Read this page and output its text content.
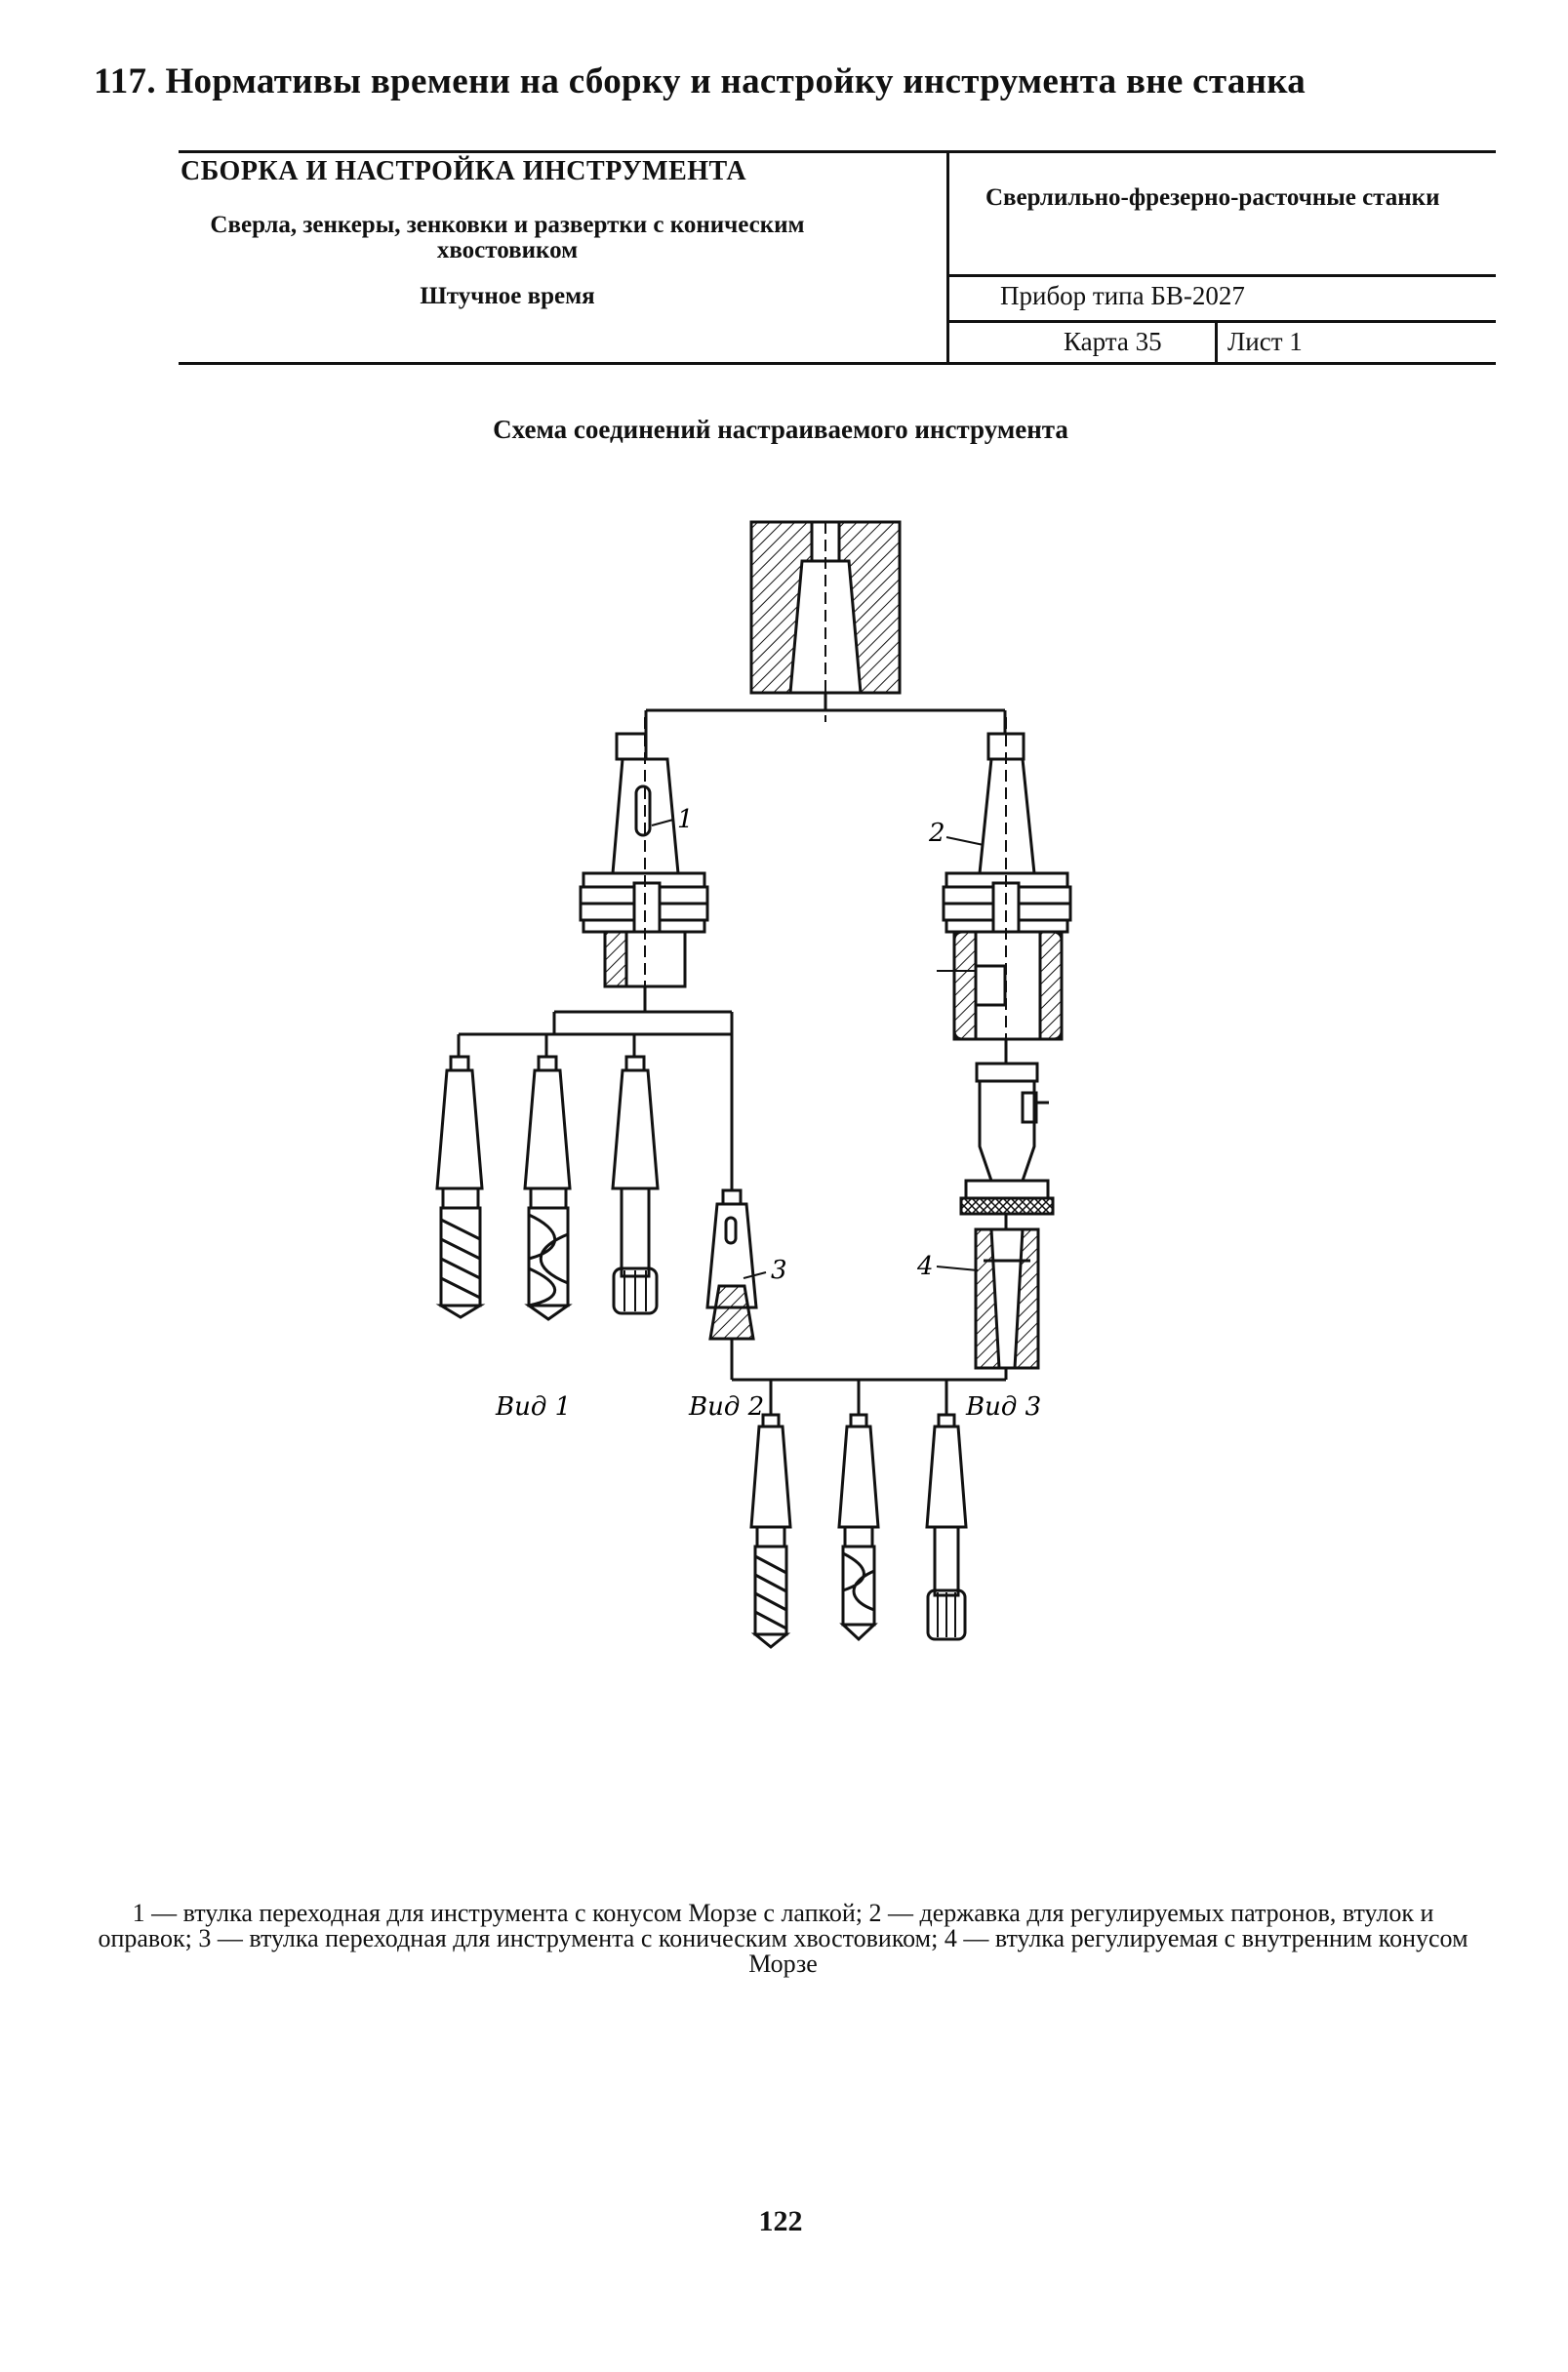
117. Нормативы времени на сборку и настройку инструмента вне станка
СБОРКА И НАСТРОЙКА ИНСТРУМЕНТА
Сверла, зенкеры, зенковки и развертки с коническим хвостовиком
Штучное время
Сверлильно-фрезерно-расточные станки
Прибор типа БВ-2027
Карта 35	Лист 1
Схема соединений настраиваемого инструмента
1	2
3	4
Вид 1	Вид 2	Вид 3
1 — втулка переходная для инструмента с конусом Морзе с лапкой; 2 — державка для регулируемых патронов, втулок и оправок; 3 — втулка переходная для инструмента с коническим хвостовиком; 4 — втулка регулируемая с внутренним конусом Морзе
122
